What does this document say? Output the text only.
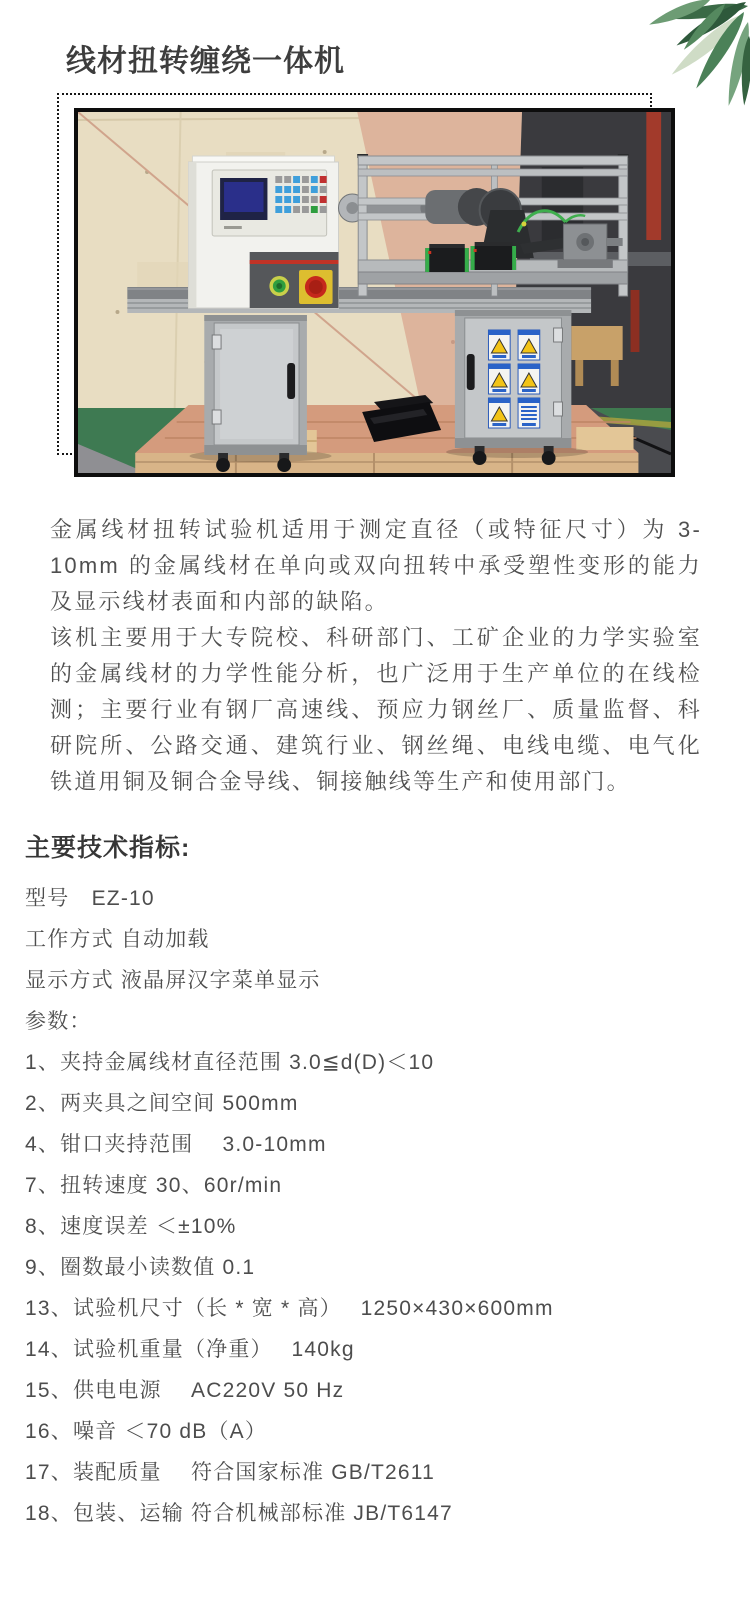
线材扭转缠绕一体机

金属线材扭转试验机适用于测定直径（或特征尺寸）为 3-10mm 的金属线材在单向或双向扭转中承受塑性变形的能力及显示线材表面和内部的缺陷。

该机主要用于大专院校、科研部门、工矿企业的力学实验室的金属线材的力学性能分析，也广泛用于生产单位的在线检测；主要行业有钢厂高速线、预应力钢丝厂、质量监督、科研院所、公路交通、建筑行业、钢丝绳、电线电缆、电气化铁道用铜及铜合金导线、铜接触线等生产和使用部门。

主要技术指标:
型号　EZ-10
工作方式 自动加载
显示方式 液晶屏汉字菜单显示
参数：
1、夹持金属线材直径范围 3.0≦d(D)＜10
2、两夹具之间空间 500mm
4、钳口夹持范围　 3.0-10mm
7、扭转速度 30、60r/min
8、速度误差 ＜±10%
9、圈数最小读数值 0.1
13、试验机尺寸（长 * 宽 * 高）　 1250×430×600mm
14、试验机重量（净重）　 140kg
15、供电电源　 AC220V 50 Hz
16、噪音 ＜70 dB（A）
17、装配质量　 符合国家标准 GB/T2611
18、包装、运输 符合机械部标准 JB/T6147
